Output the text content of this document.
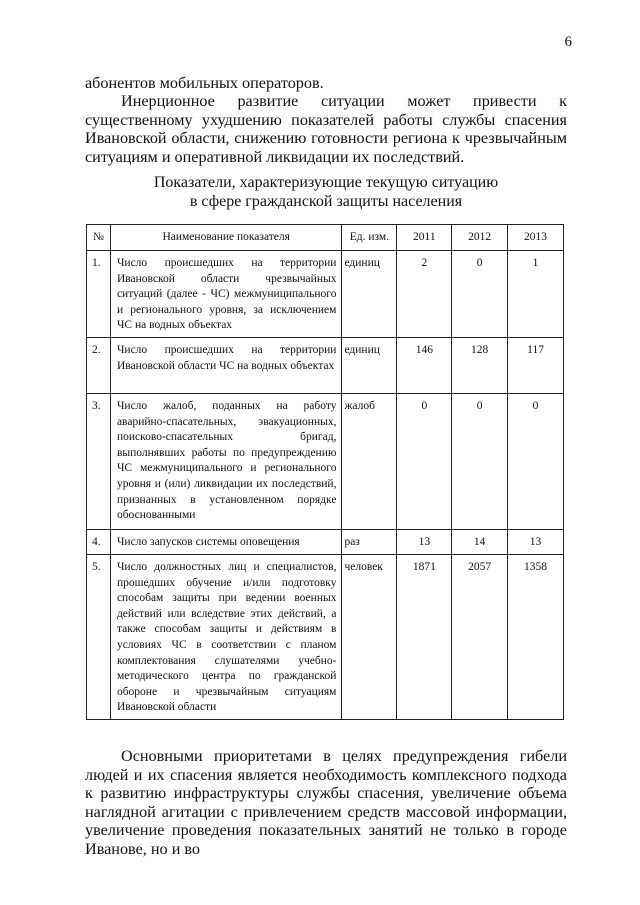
6

абонентов мобильных операторов.

Инерционное развитие ситуации может привести к существенному ухудшению показателей работы службы спасения Ивановской области, снижению готовности региона к чрезвычайным ситуациям и оперативной ликвидации их последствий.

Показатели, характеризующие текущую ситуацию
в сфере гражданской защиты населения
№	Наименование показателя	Ед. изм.	2011	2012	2013
1.	Число происшедших на территории Ивановской области чрезвычайных ситуаций (далее - ЧС) межмуниципального и регионального уровня, за исключением ЧС на водных объектах	единиц	2	0	1
2.	Число происшедших на территории Ивановской области ЧС на водных объектах	единиц	146	128	117
3.	Число жалоб, поданных на работу аварийно-спасательных, эвакуационных, поисково-спасательных бригад, выполнявших работы по предупреждению ЧС межмуниципального и регионального уровня и (или) ликвидации их последствий, признанных в установленном порядке обоснованными	жалоб	0	0	0
4.	Число запусков системы оповещения	раз	13	14	13
5.	Число должностных лиц и специалистов, прошедших обучение и/или подготовку способам защиты при ведении военных действий или вследствие этих действий, а также способам защиты и действиям в условиях ЧС в соответствии с планом комплектования слушателями учебно-методического центра по гражданской обороне и чрезвычайным ситуациям Ивановской области	человек	1871	2057	1358

Основными приоритетами в целях предупреждения гибели людей и их спасения является необходимость комплексного подхода к развитию инфраструктуры службы спасения, увеличение объема наглядной агитации с привлечением средств массовой информации, увеличение проведения показательных занятий не только в городе Иванове, но и во
